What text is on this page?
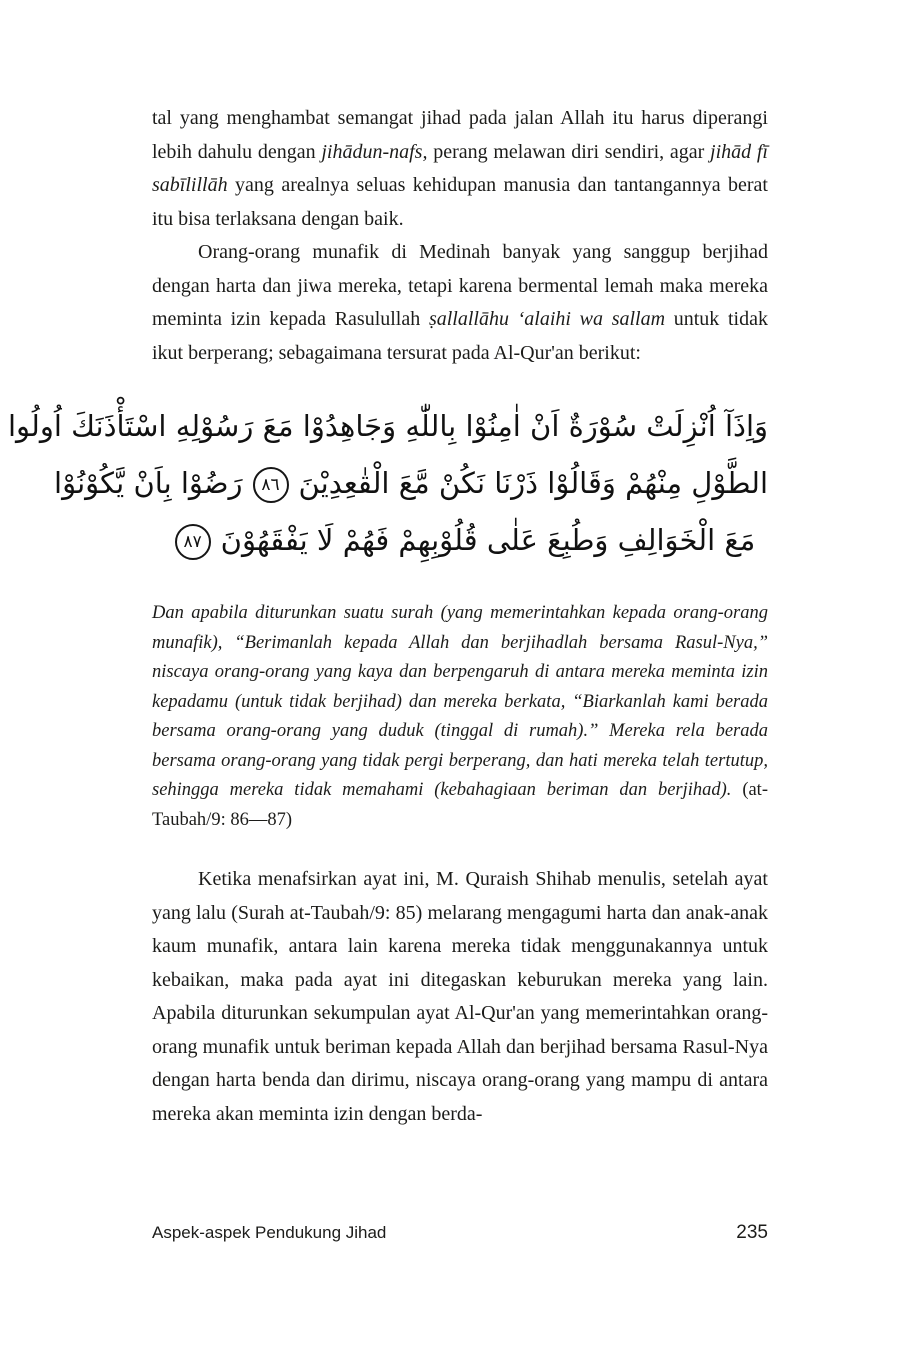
tal yang menghambat semangat jihad pada jalan Allah itu harus diperangi lebih dahulu dengan jihādun-nafs, perang melawan diri sendiri, agar jihād fī sabīlillāh yang arealnya seluas kehidupan manusia dan tantangannya berat itu bisa terlaksana dengan baik.

Orang-orang munafik di Medinah banyak yang sanggup berjihad dengan harta dan jiwa mereka, tetapi karena bermental lemah maka mereka meminta izin kepada Rasulullah ṣallallāhu ‘alaihi wa sallam untuk tidak ikut berperang; sebagaimana tersurat pada Al-Qur'an berikut:

وَاِذَآ اُنْزِلَتْ سُوْرَةٌ اَنْ اٰمِنُوْا بِاللّٰهِ وَجَاهِدُوْا مَعَ رَسُوْلِهِ اسْتَأْذَنَكَ اُولُوا
الطَّوْلِ مِنْهُمْ وَقَالُوْا ذَرْنَا نَكُنْ مَّعَ الْقٰعِدِيْنَ٨٦رَضُوْا بِاَنْ يَّكُوْنُوْا
مَعَ الْخَوَالِفِ وَطُبِعَ عَلٰى قُلُوْبِهِمْ فَهُمْ لَا يَفْقَهُوْنَ٨٧
Dan apabila diturunkan suatu surah (yang memerintahkan kepada orang-orang munafik), “Berimanlah kepada Allah dan berjihadlah bersama Rasul-Nya,” niscaya orang-orang yang kaya dan berpengaruh di antara mereka meminta izin kepadamu (untuk tidak berjihad) dan mereka berkata, “Biarkanlah kami berada bersama orang-orang yang duduk (tinggal di rumah).” Mereka rela berada bersama orang-orang yang tidak pergi berperang, dan hati mereka telah tertutup, sehingga mereka tidak memahami (kebahagiaan beriman dan berjihad). (at-Taubah/9: 86—87)

Ketika menafsirkan ayat ini, M. Quraish Shihab menulis, setelah ayat yang lalu (Surah at-Taubah/9: 85) melarang mengagumi harta dan anak-anak kaum munafik, antara lain karena mereka tidak menggunakannya untuk kebaikan, maka pada ayat ini ditegaskan keburukan mereka yang lain. Apabila diturunkan sekumpulan ayat Al-Qur'an yang memerintahkan orang-orang munafik untuk beriman kepada Allah dan berjihad bersama Rasul-Nya dengan harta benda dan dirimu, niscaya orang-orang yang mampu di antara mereka akan meminta izin dengan berda-

Aspek-aspek Pendukung Jihad	235
